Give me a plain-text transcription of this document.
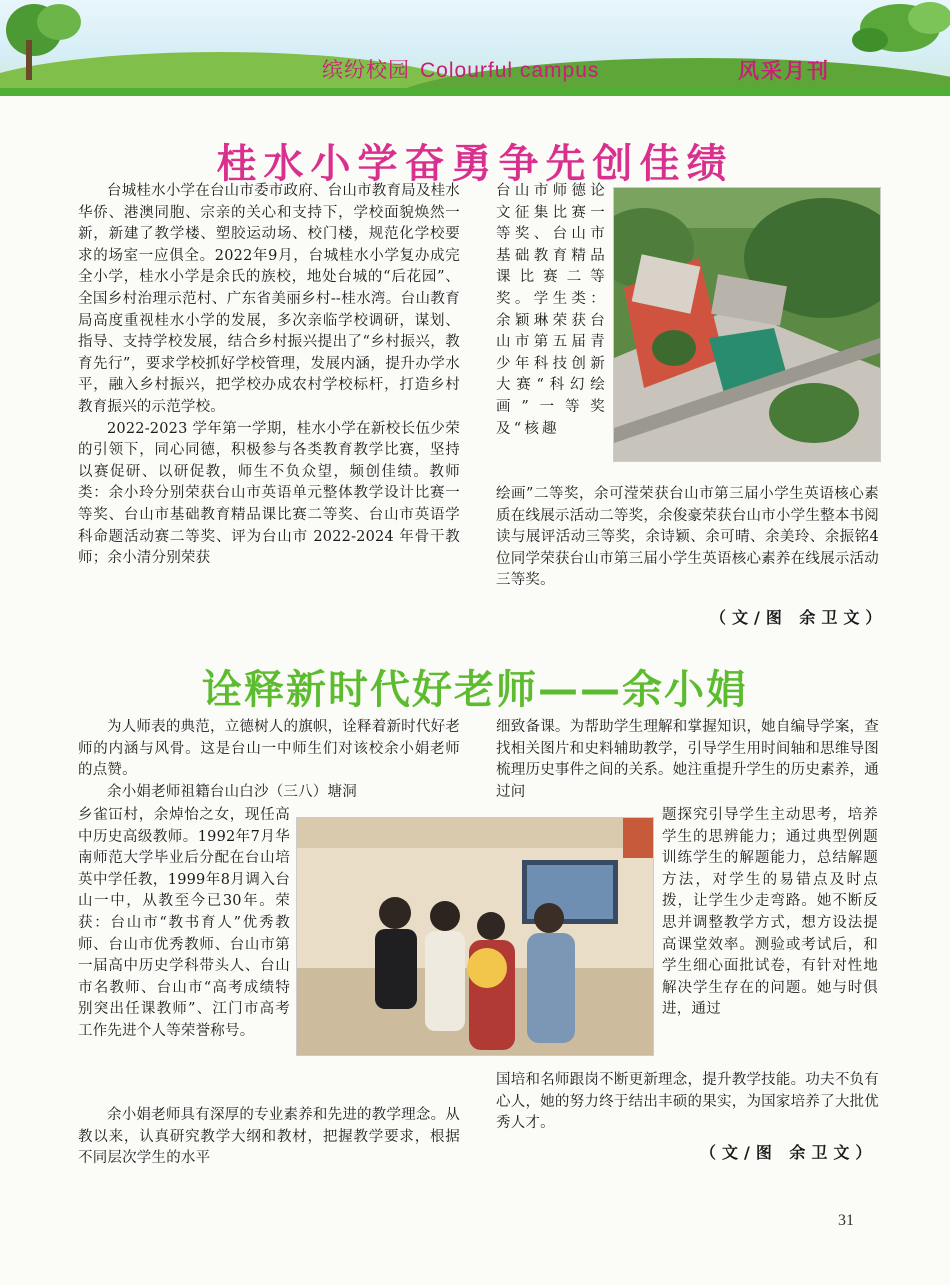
缤纷校园 Colourful campus	风采月刊
桂水小学奋勇争先创佳绩

台城桂水小学在台山市委市政府、台山市教育局及桂水华侨、港澳同胞、宗亲的关心和支持下，学校面貌焕然一新，新建了教学楼、塑胶运动场、校门楼，规范化学校要求的场室一应俱全。2022年9月，台城桂水小学复办成完全小学，桂水小学是余氏的族校，地处台城的“后花园”、全国乡村治理示范村、广东省美丽乡村--桂水湾。台山教育局高度重视桂水小学的发展，多次亲临学校调研，谋划、指导、支持学校发展，结合乡村振兴提出了“乡村振兴，教育先行”，要求学校抓好学校管理，发展内涵，提升办学水平，融入乡村振兴，把学校办成农村学校标杆，打造乡村教育振兴的示范学校。

2022-2023 学年第一学期，桂水小学在新校长伍少荣的引领下，同心同德，积极参与各类教育教学比赛，坚持以赛促研、以研促教，师生不负众望，频创佳绩。教师类：余小玲分别荣获台山市英语单元整体教学设计比赛一等奖、台山市基础教育精品课比赛二等奖、台山市英语学科命题活动赛二等奖、评为台山市 2022-2024 年骨干教师；余小清分别荣获

台山市师德论文征集比赛一等奖、台山市基础教育精品课比赛二等奖。学生类：余颖琳荣获台山市第五届青少年科技创新大赛“科幻绘画”一等奖及“核趣

绘画”二等奖，余可滢荣获台山市第三届小学生英语核心素质在线展示活动二等奖，余俊豪荣获台山市小学生整本书阅读与展评活动三等奖，余诗颖、余可晴、余美玲、余振铭4位同学荣获台山市第三届小学生英语核心素养在线展示活动三等奖。

（文/图 余卫文）
诠释新时代好老师——余小娟

为人师表的典范，立德树人的旗帜，诠释着新时代好老师的内涵与风骨。这是台山一中师生们对该校余小娟老师的点赞。

余小娟老师祖籍台山白沙（三八）塘洞

乡雀冚村，余焯怡之女，现任高中历史高级教师。1992年7月华南师范大学毕业后分配在台山培英中学任教，1999年8月调入台山一中，从教至今已30年。荣获：台山市“教书育人”优秀教师、台山市优秀教师、台山市第一届高中历史学科带头人、台山市名教师、台山市“高考成绩特别突出任课教师”、江门市高考工作先进个人等荣誉称号。

余小娟老师具有深厚的专业素养和先进的教学理念。从教以来，认真研究教学大纲和教材，把握教学要求，根据不同层次学生的水平

细致备课。为帮助学生理解和掌握知识，她自编导学案，查找相关图片和史料辅助教学，引导学生用时间轴和思维导图梳理历史事件之间的关系。她注重提升学生的历史素养，通过问

题探究引导学生主动思考，培养学生的思辨能力；通过典型例题训练学生的解题能力，总结解题方法，对学生的易错点及时点拨，让学生少走弯路。她不断反思并调整教学方式，想方设法提高课堂效率。测验或考试后，和学生细心面批试卷，有针对性地解决学生存在的问题。她与时俱进，通过

国培和名师跟岗不断更新理念，提升教学技能。功夫不负有心人，她的努力终于结出丰硕的果实，为国家培养了大批优秀人才。

（文/图 余卫文）
31
